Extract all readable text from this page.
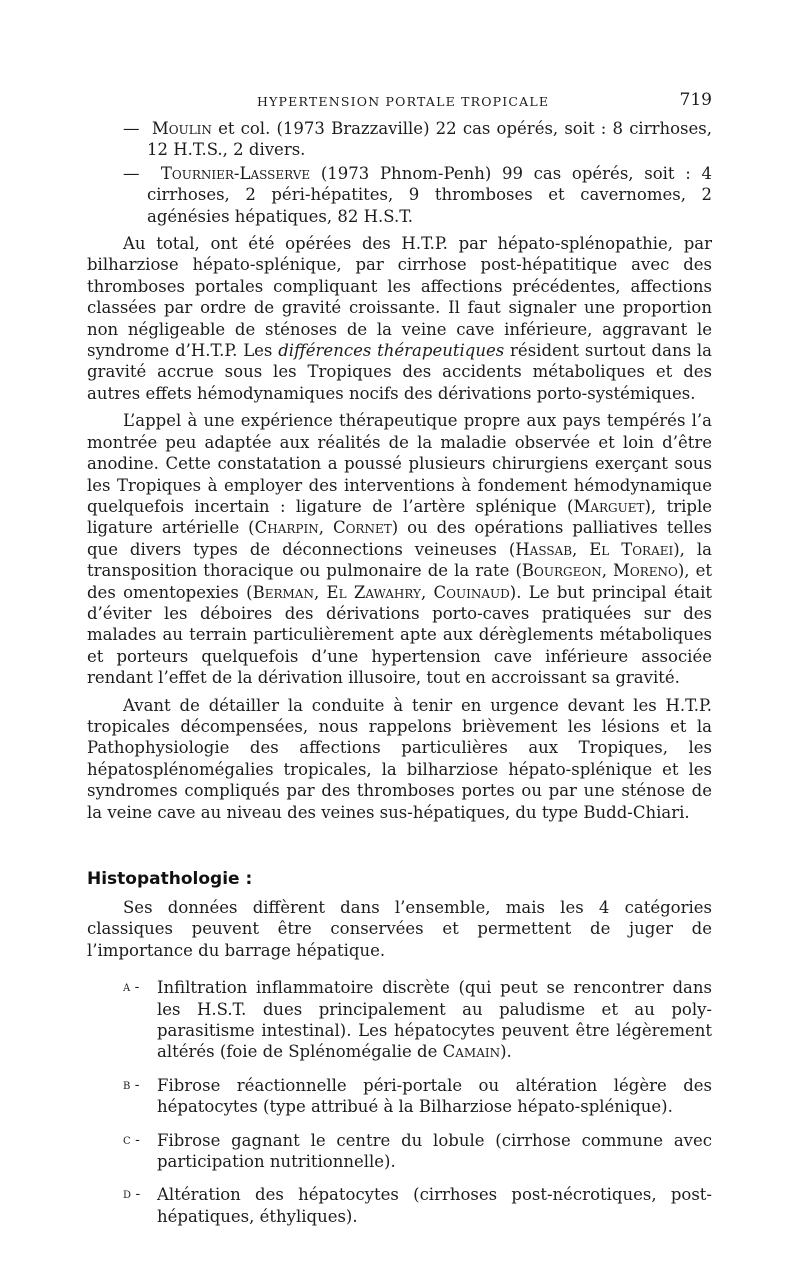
HYPERTENSION PORTALE TROPICALE	719
— Moulin et col. (1973 Brazzaville) 22 cas opérés, soit : 8 cirrhoses, 12 H.T.S., 2 divers.
— Tournier-Lasserve (1973 Phnom-Penh) 99 cas opérés, soit : 4 cirrhoses, 2 péri-hépatites, 9 thromboses et cavernomes, 2 agénésies hépatiques, 82 H.S.T.

Au total, ont été opérées des H.T.P. par hépato-splénopathie, par bilharziose hépato-splénique, par cirrhose post-hépatitique avec des thromboses portales compliquant les affections précédentes, affections classées par ordre de gravité croissante. Il faut signaler une proportion non négligeable de sténoses de la veine cave inférieure, aggravant le syndrome d’H.T.P. Les différences thérapeutiques résident surtout dans la gravité accrue sous les Tropiques des accidents métaboliques et des autres effets hémodynamiques nocifs des dérivations porto-systémiques.

L’appel à une expérience thérapeutique propre aux pays tempérés l’a montrée peu adaptée aux réalités de la maladie observée et loin d’être anodine. Cette constatation a poussé plusieurs chirurgiens exerçant sous les Tropiques à employer des interventions à fondement hémodynamique quelquefois incertain : ligature de l’artère splénique (Marguet), triple ligature artérielle (Charpin, Cornet) ou des opérations palliatives telles que divers types de déconnections veineuses (Hassab, El Toraei), la transposition thoracique ou pulmonaire de la rate (Bourgeon, Moreno), et des omentopexies (Berman, El Zawahry, Couinaud). Le but principal était d’éviter les déboires des dérivations porto-caves pratiquées sur des malades au terrain particulièrement apte aux dérèglements métaboliques et porteurs quelquefois d’une hypertension cave inférieure associée rendant l’effet de la dérivation illusoire, tout en accroissant sa gravité.

Avant de détailler la conduite à tenir en urgence devant les H.T.P. tropicales décompensées, nous rappelons brièvement les lésions et la Pathophysiologie des affections particulières aux Tropiques, les hépatosplénomégalies tropicales, la bilharziose hépato-splénique et les syndromes compliqués par des thromboses portes ou par une sténose de la veine cave au niveau des veines sus-hépatiques, du type Budd-Chiari.

Histopathologie :

Ses données diffèrent dans l’ensemble, mais les 4 catégories classiques peuvent être conservées et permettent de juger de l’importance du barrage hépatique.

a - Infiltration inflammatoire discrète (qui peut se rencontrer dans les H.S.T. dues principalement au paludisme et au poly-parasitisme intestinal). Les hépatocytes peuvent être légèrement altérés (foie de Splénomégalie de Camain).
b - Fibrose réactionnelle péri-portale ou altération légère des hépatocytes (type attribué à la Bilharziose hépato-splénique).
c - Fibrose gagnant le centre du lobule (cirrhose commune avec participation nutritionnelle).
d - Altération des hépatocytes (cirrhoses post-nécrotiques, post-hépatiques, éthyliques).
